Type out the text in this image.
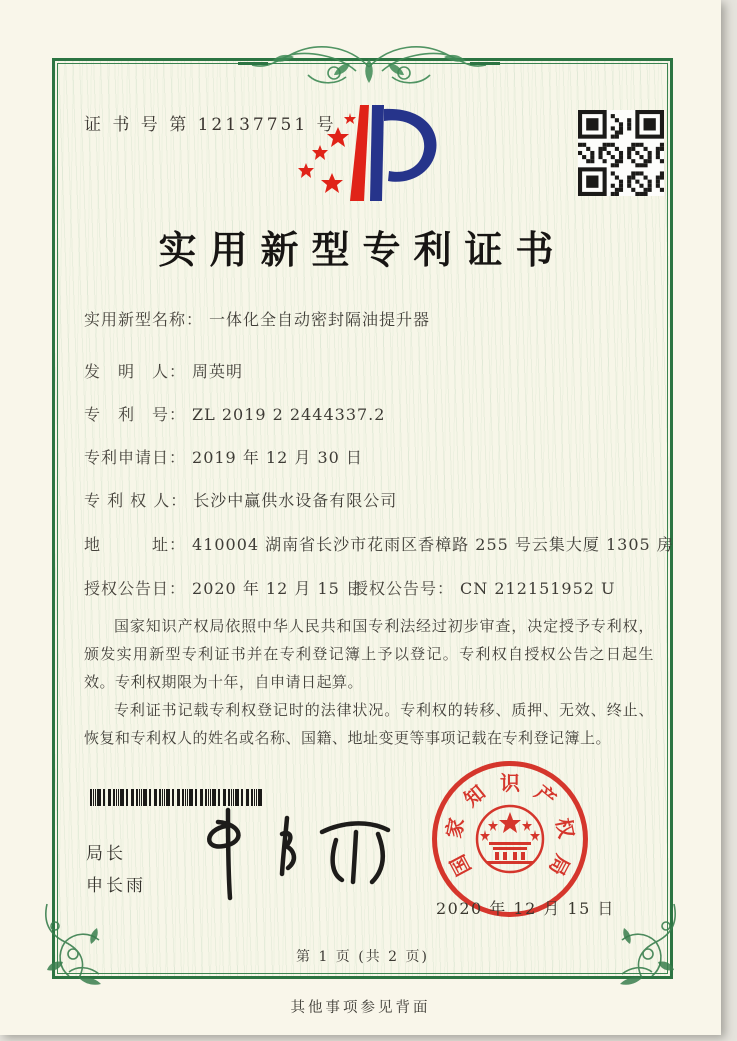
证 书 号 第 12137751 号
实用新型专利证书
实用新型名称： 一体化全自动密封隔油提升器
发　明　人： 周英明
专　利　号： ZL 2019 2 2444337.2
专利申请日： 2019 年 12 月 30 日
专 利 权 人： 长沙中赢供水设备有限公司
地　　　址： 410004 湖南省长沙市花雨区香樟路 255 号云集大厦 1305 房
授权公告日： 2020 年 12 月 15 日
授权公告号： CN 212151952 U

国家知识产权局依照中华人民共和国专利法经过初步审查，决定授予专利权，颁发实用新型专利证书并在专利登记簿上予以登记。专利权自授权公告之日起生效。专利权期限为十年，自申请日起算。

专利证书记载专利权登记时的法律状况。专利权的转移、质押、无效、终止、恢复和专利权人的姓名或名称、国籍、地址变更等事项记载在专利登记簿上。

局长
申长雨
国
家
知 识 产
权
局
2020 年 12 月 15 日
第 1 页 (共 2 页)
其他事项参见背面
